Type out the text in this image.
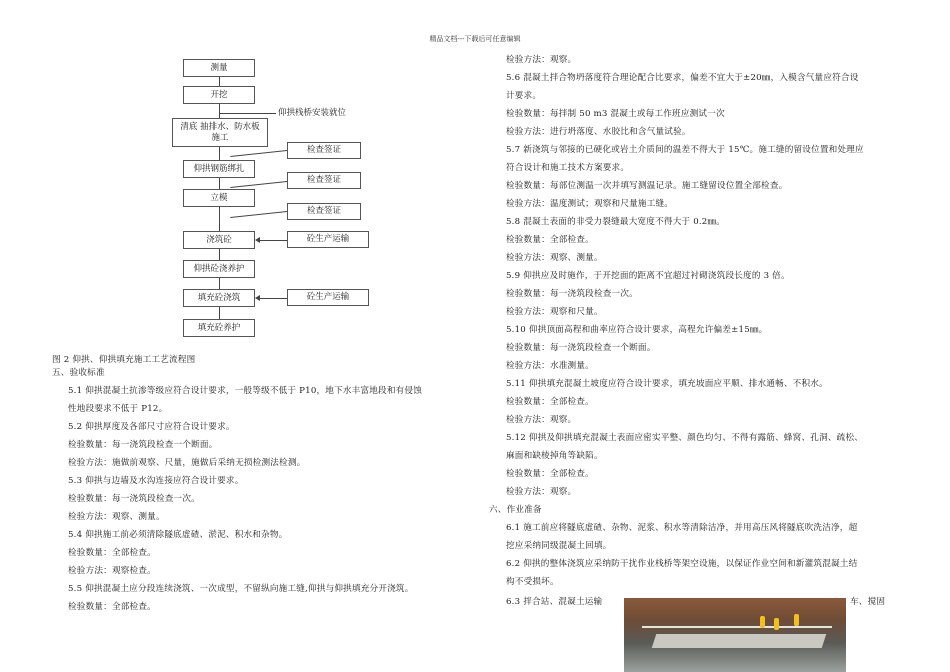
精品文档---下载后可任意编辑
测量
开挖
清底 抽排水、防水板施工
仰拱钢筋绑扎
立模
浇筑砼
仰拱砼浇养护
填充砼浇筑
填充砼养护
检查签证
检查签证
检查签证
砼生产运输
砼生产运输
仰拱栈桥安装就位
图 2 仰拱、仰拱填充施工工艺流程图
五、验收标准
5.1 仰拱混凝土抗渗等级应符合设计要求，一般等级不低于 P10，地下水丰富地段和有侵蚀
性地段要求不低于 P12。
5.2 仰拱厚度及各部尺寸应符合设计要求。
检验数量：每一浇筑段检查一个断面。
检验方法：施做前观察、尺量，施做后采纳无损检测法检测。
5.3 仰拱与边墙及水沟连接应符合设计要求。
检验数量：每一浇筑段检查一次。
检验方法：观察、测量。
5.4 仰拱施工前必须清除隧底虚碴、淤泥、积水和杂物。
检验数量：全部检查。
检验方法：观察检查。
5.5 仰拱混凝土应分段连续浇筑、一次成型，不留纵向施工缝,仰拱与仰拱填充分开浇筑。
检验数量：全部检查。
检验方法：观察。
5.6 混凝土拌合物坍落度符合理论配合比要求，偏差不宜大于±20㎜，入模含气量应符合设
计要求。
检验数量：每拌制 50 m3 混凝土或每工作班应测试一次
检验方法：进行坍落度、水胶比和含气量试验。
5.7 新浇筑与邻接的已硬化或岩土介质间的温差不得大于 15℃。施工缝的留设位置和处理应
符合设计和施工技术方案要求。
检验数量：每部位测温一次并填写测温记录。施工缝留设位置全部检查。
检验方法：温度测试；观察和尺量施工缝。
5.8 混凝土表面的非受力裂缝最大宽度不得大于 0.2㎜。
检验数量：全部检查。
检验方法：观察、测量。
5.9 仰拱应及时施作，于开挖面的距离不宜超过衬砌浇筑段长度的 3 倍。
检验数量：每一浇筑段检查一次。
检验方法：观察和尺量。
5.10 仰拱顶面高程和曲率应符合设计要求，高程允许偏差±15㎜。
检验数量：每一浇筑段检查一个断面。
检验方法：水准测量。
5.11 仰拱填充混凝土坡度应符合设计要求，填充坡面应平顺、排水通畅、不积水。
检验数量：全部检查。
检验方法：观察。
5.12 仰拱及仰拱填充混凝土表面应密实平整、颜色均匀、不得有露筋、蜂窝、孔洞、疏松、
麻面和缺棱掉角等缺陷。
检验数量：全部检查。
检验方法：观察。
六、作业准备
6.1 施工前应将隧底虚碴、杂物、泥浆、积水等清除洁净，并用高压风将隧底吹洗洁净，超
挖应采纳同级混凝土回填。
6.2 仰拱的整体浇筑应采纳防干扰作业栈桥等架空设施，以保证作业空间和新灌筑混凝土结
构不受损坏。
6.3 拌合站、混凝土运输	车、搅固
